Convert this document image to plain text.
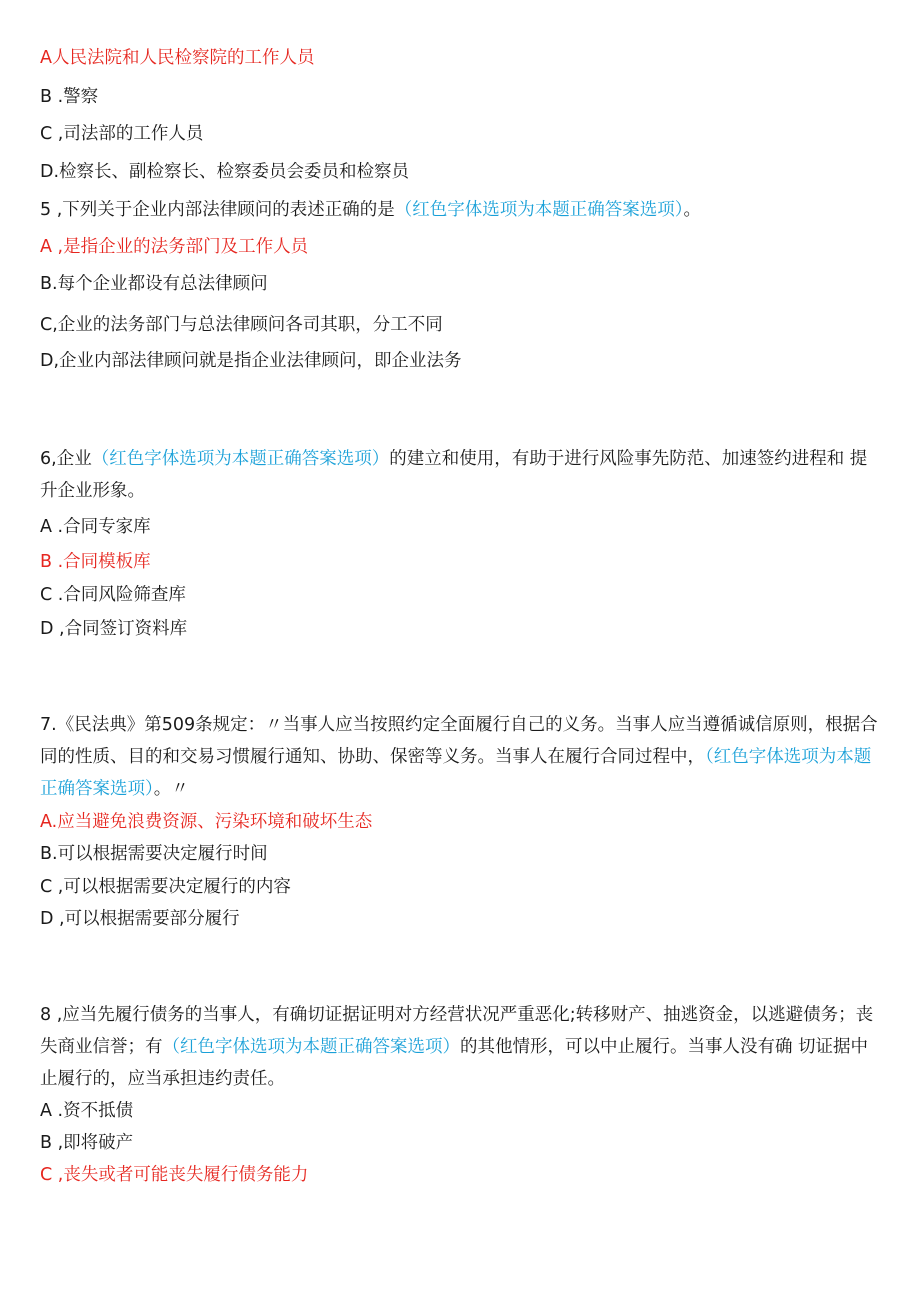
A人民法院和人民检察院的工作人员
B .警察
C ,司法部的工作人员
D.检察长、副检察长、检察委员会委员和检察员
5 ,下列关于企业内部法律顾问的表述正确的是（红色字体选项为本题正确答案选项）。
A ,是指企业的法务部门及工作人员
B.每个企业都设有总法律顾问
C,企业的法务部门与总法律顾问各司其职，分工不同
D,企业内部法律顾问就是指企业法律顾问，即企业法务
6,企业（红色字体选项为本题正确答案选项）的建立和使用，有助于进行风险事先防范、加速签约进程和 提升企业形象。
A .合同专家库
B .合同模板库
C .合同风险筛查库
D ,合同签订资料库
7.《民法典》第509条规定：〃当事人应当按照约定全面履行自己的义务。当事人应当遵循诚信原则，根据合同的性质、目的和交易习惯履行通知、协助、保密等义务。当事人在履行合同过程中，（红色字体选项为本题正确答案选项）。〃
A.应当避免浪费资源、污染环境和破坏生态
B.可以根据需要决定履行时间
C ,可以根据需要决定履行的内容
D ,可以根据需要部分履行
8 ,应当先履行债务的当事人，有确切证据证明对方经营状况严重恶化;转移财产、抽逃资金，以逃避债务；丧失商业信誉；有（红色字体选项为本题正确答案选项）的其他情形，可以中止履行。当事人没有确 切证据中止履行的，应当承担违约责任。
A .资不抵债
B ,即将破产
C ,丧失或者可能丧失履行债务能力
